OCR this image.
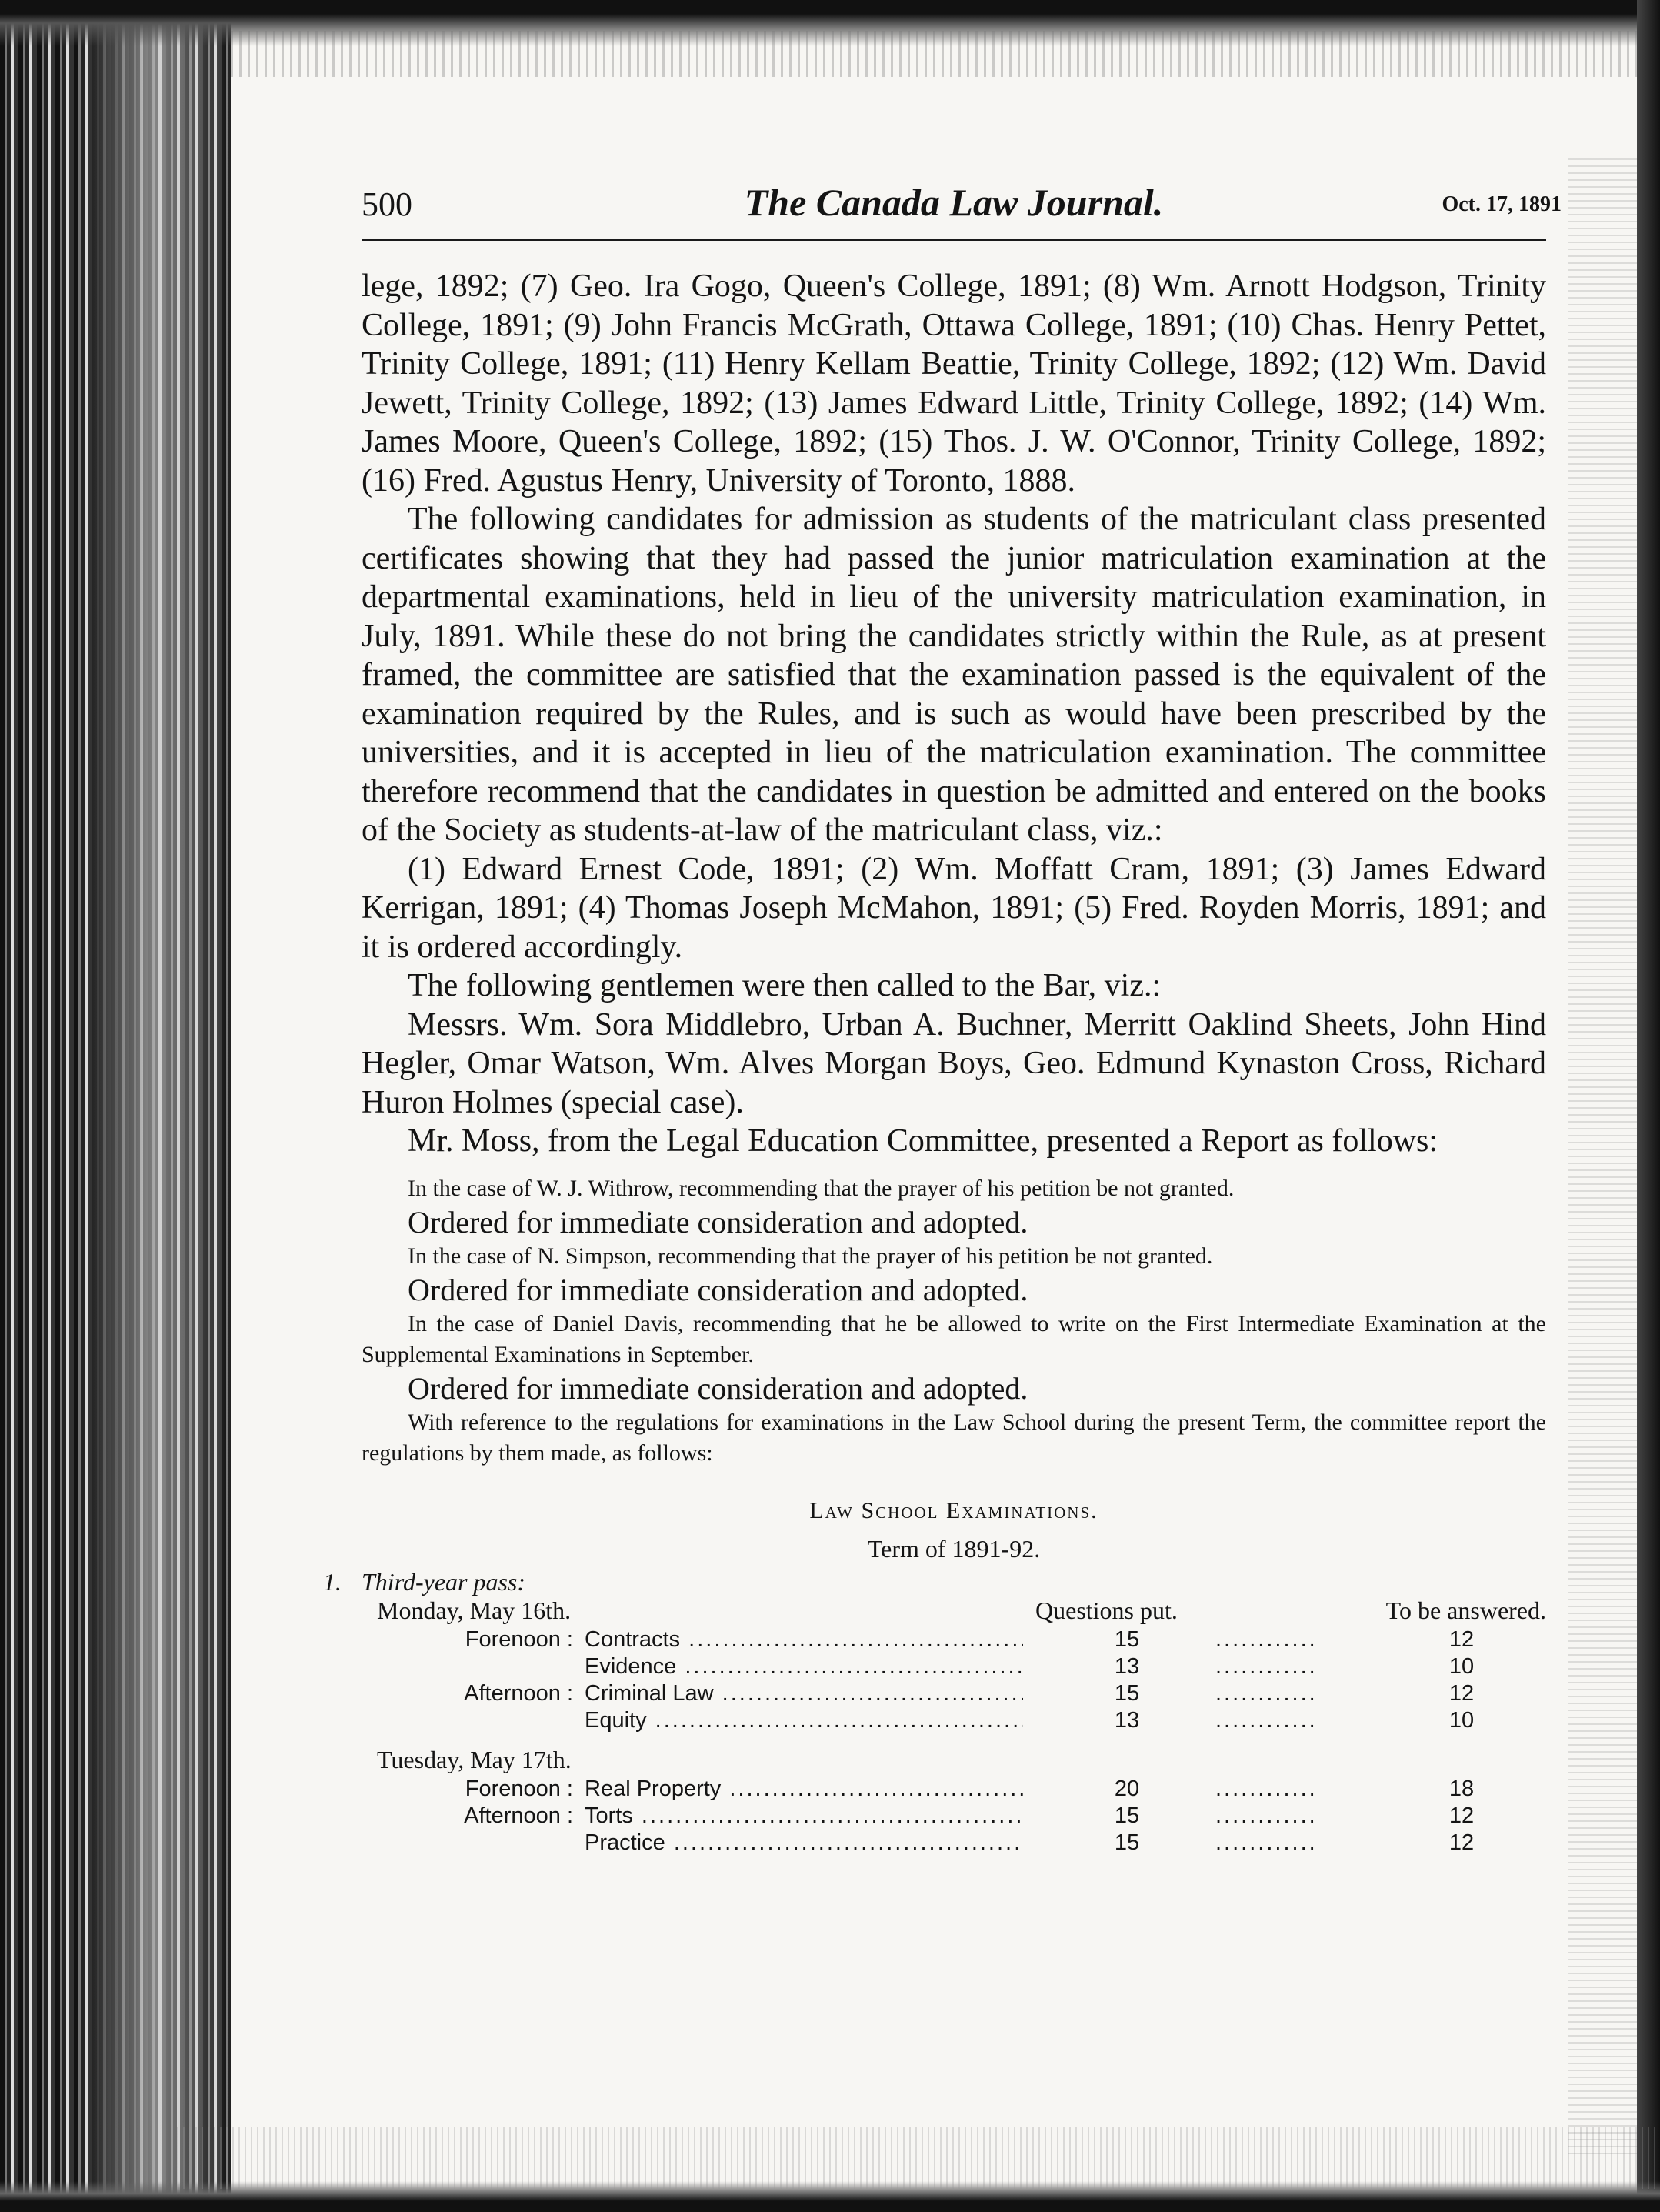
500	The Canada Law Journal.	Oct. 17, 1891

lege, 1892; (7) Geo. Ira Gogo, Queen's College, 1891; (8) Wm. Arnott Hodgson, Trinity College, 1891; (9) John Francis McGrath, Ottawa College, 1891; (10) Chas. Henry Pettet, Trinity College, 1891; (11) Henry Kellam Beattie, Trinity College, 1892; (12) Wm. David Jewett, Trinity College, 1892; (13) James Edward Little, Trinity College, 1892; (14) Wm. James Moore, Queen's College, 1892; (15) Thos. J. W. O'Connor, Trinity College, 1892; (16) Fred. Agustus Henry, University of Toronto, 1888.

The following candidates for admission as students of the matriculant class presented certificates showing that they had passed the junior matriculation examination at the departmental examinations, held in lieu of the university matriculation examination, in July, 1891. While these do not bring the candidates strictly within the Rule, as at present framed, the committee are satisfied that the examination passed is the equivalent of the examination required by the Rules, and is such as would have been prescribed by the universities, and it is accepted in lieu of the matriculation examination. The committee therefore recommend that the candidates in question be admitted and entered on the books of the Society as students-at-law of the matriculant class, viz.:

(1) Edward Ernest Code, 1891; (2) Wm. Moffatt Cram, 1891; (3) James Edward Kerrigan, 1891; (4) Thomas Joseph McMahon, 1891; (5) Fred. Royden Morris, 1891; and it is ordered accordingly.

The following gentlemen were then called to the Bar, viz.:

Messrs. Wm. Sora Middlebro, Urban A. Buchner, Merritt Oaklind Sheets, John Hind Hegler, Omar Watson, Wm. Alves Morgan Boys, Geo. Edmund Kynaston Cross, Richard Huron Holmes (special case).

Mr. Moss, from the Legal Education Committee, presented a Report as follows:

In the case of W. J. Withrow, recommending that the prayer of his petition be not granted.

Ordered for immediate consideration and adopted.

In the case of N. Simpson, recommending that the prayer of his petition be not granted.

Ordered for immediate consideration and adopted.

In the case of Daniel Davis, recommending that he be allowed to write on the First Intermediate Examination at the Supplemental Examinations in September.

Ordered for immediate consideration and adopted.

With reference to the regulations for examinations in the Law School during the present Term, the committee report the regulations by them made, as follows:

Law School Examinations.
Term of 1891-92.
1. Third-year pass:
Monday, May 16th.	Questions put.	To be answered.
Forenoon : Contracts .....	15	............	12
Evidence .....	13	............	10
Afternoon : Criminal Law .....	15	............	12
Equity .....	13	............	10
Tuesday, May 17th.
Forenoon : Real Property .....	20	............	18
Afternoon : Torts .....	15	............	12
Practice .....	15	............	12
